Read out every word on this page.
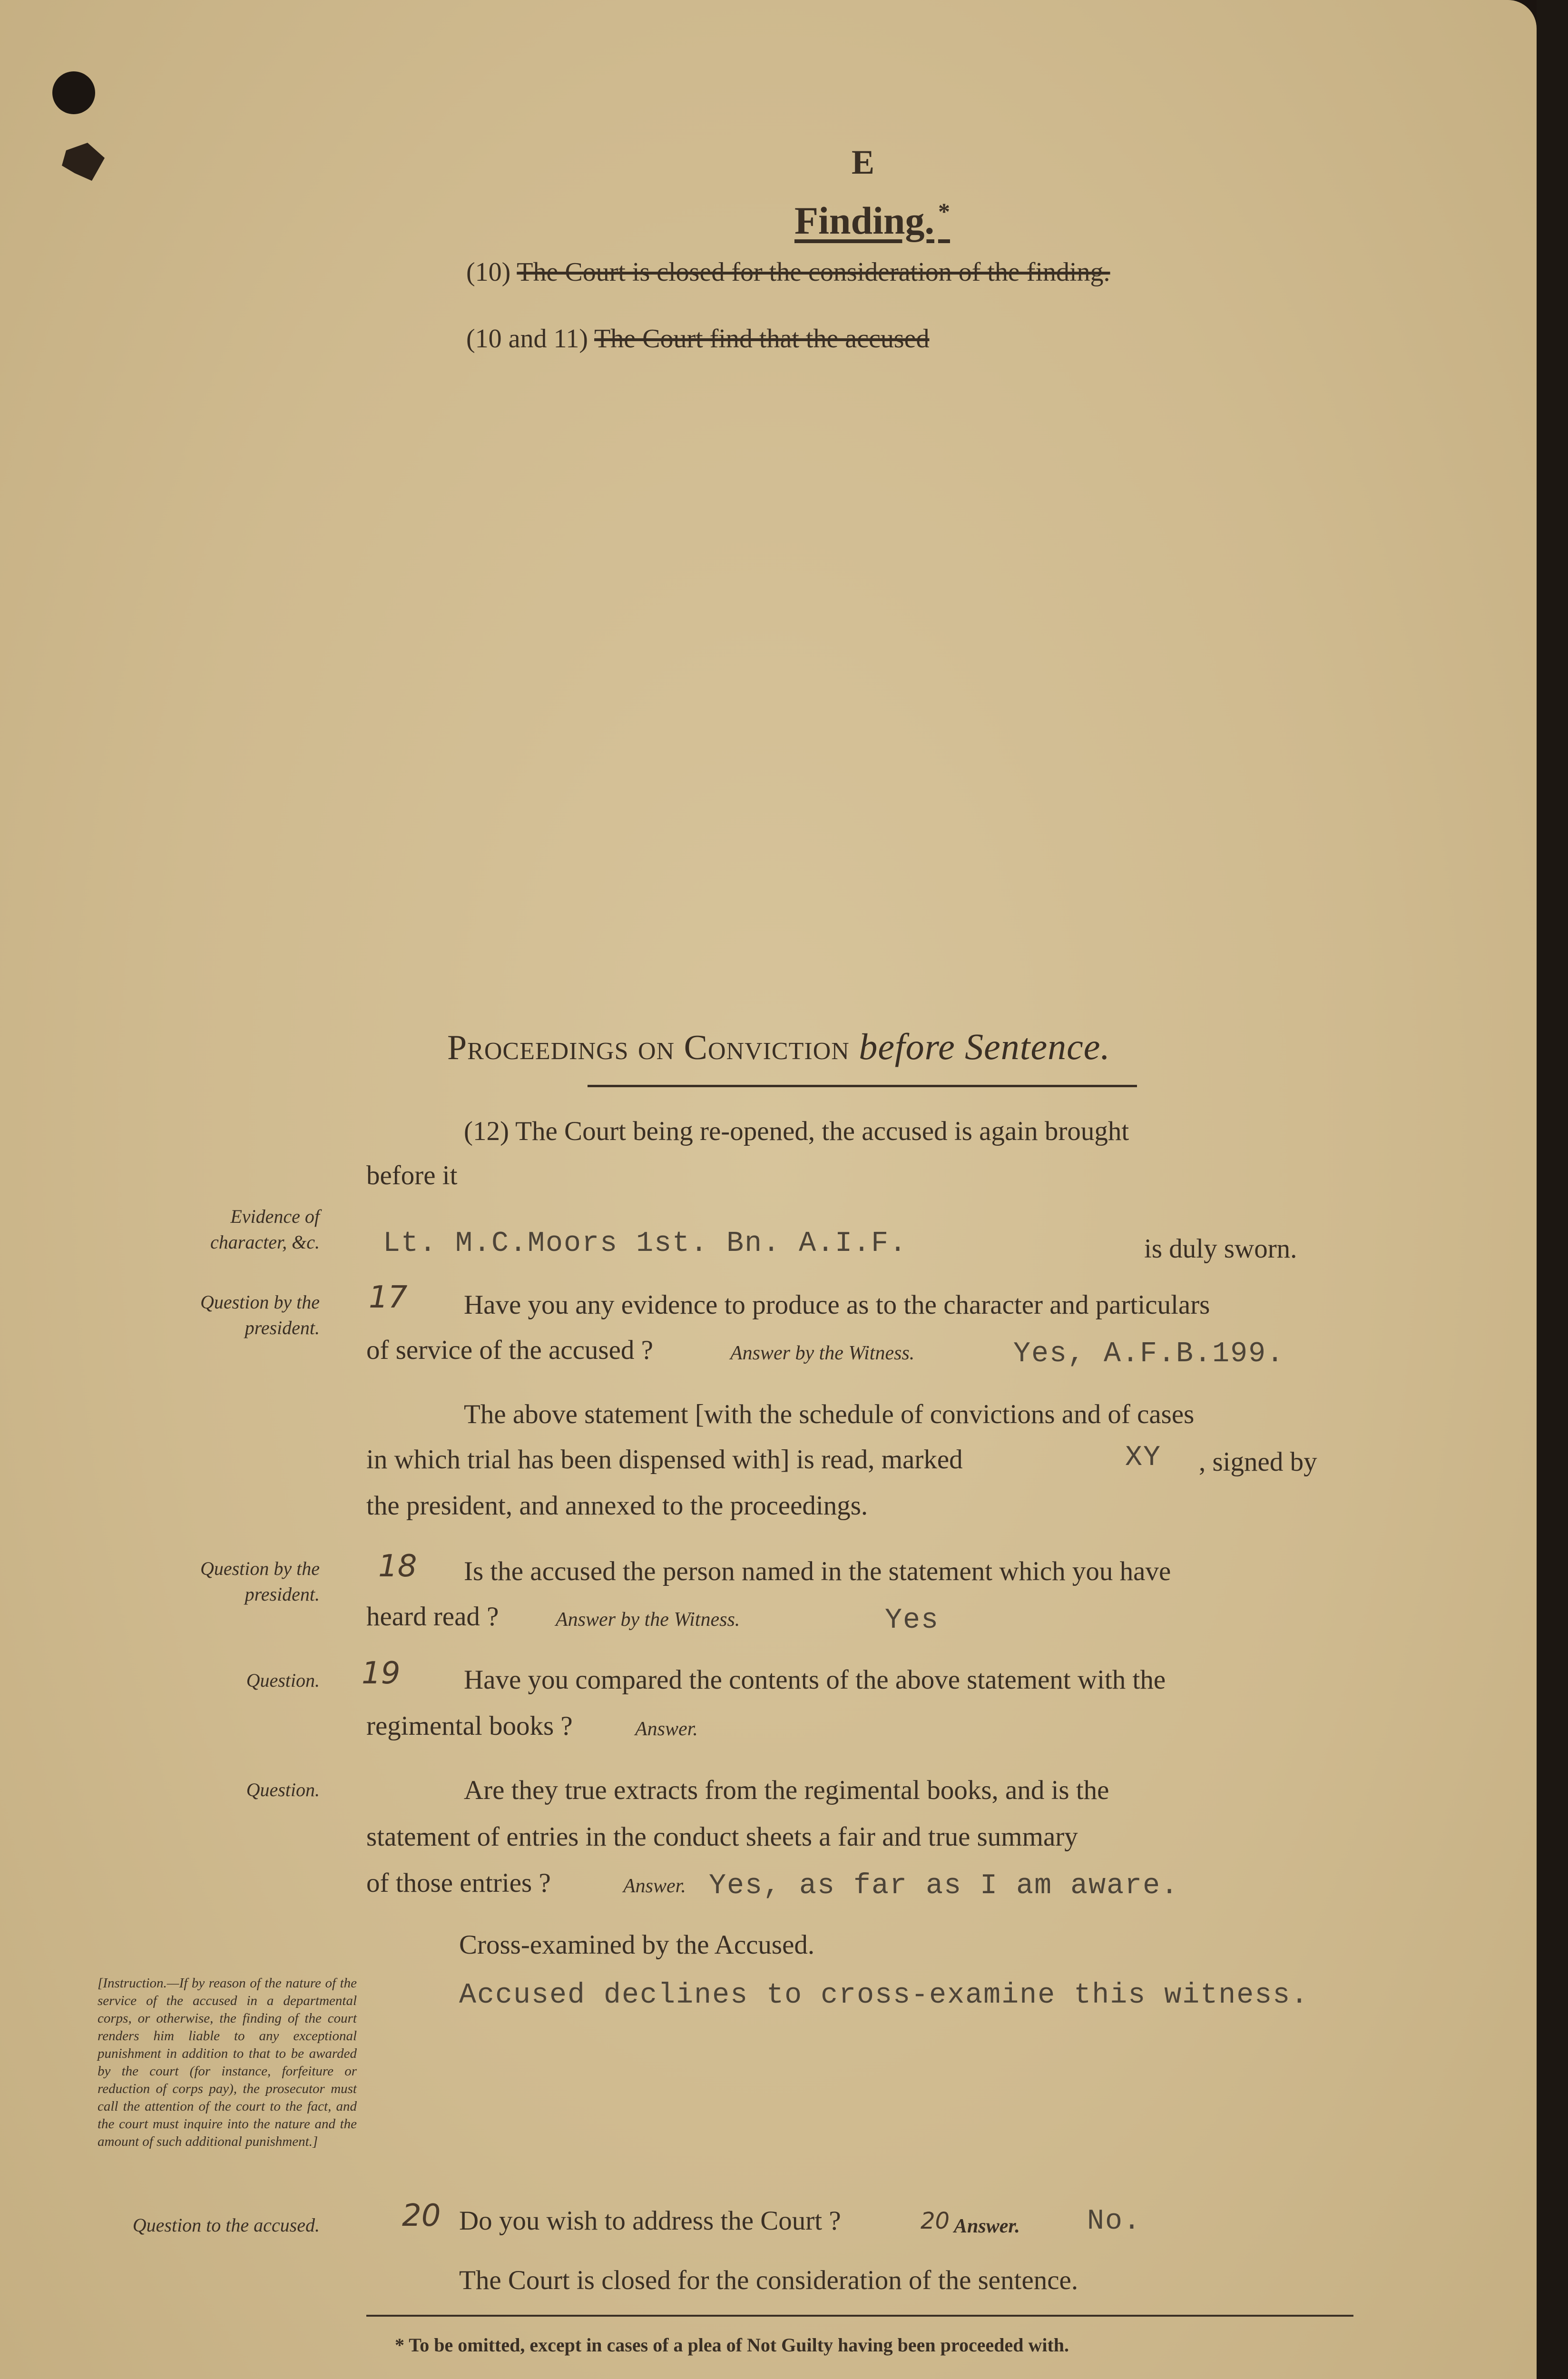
E
Finding. *
(10) The Court is closed for the consideration of the finding.
(10 and 11) The Court find that the accused
Proceedings on Conviction before Sentence.
(12) The Court being re-opened, the accused is again brought
before it
Evidence of
character, &c. Lt. M.C.Moors 1st. Bn. A.I.F.	is duly sworn.
Question by the
president.
17 Have you any evidence to produce as to the character and particulars
of service of the accused ?	Answer by the Witness.	Yes, A.F.B.199.
The above statement [with the schedule of convictions and of cases
in which trial has been dispensed with] is read, marked	XY , signed by
the president, and annexed to the proceedings.
Question by the
president.
18 Is the accused the person named in the statement which you have
heard read ?	Answer by the Witness.	Yes
Question. 19 Have you compared the contents of the above statement with the
regimental books ?	Answer.
Question.	Are they true extracts from the regimental books, and is the
statement of entries in the conduct sheets a fair and true summary
of those entries ?	Answer. Yes, as far as I am aware.
Cross-examined by the Accused.
Accused declines to cross-examine this witness.
[Instruction.—If by reason of the nature of the service of the accused in a departmental corps, or otherwise, the finding of the court renders him liable to any exceptional punishment in addition to that to be awarded by the court (for instance, forfeiture or reduction of corps pay), the prosecutor must call the attention of the court to the fact, and the court must inquire into the nature and the amount of such additional punishment.]
Question to the accused.	20 Do you wish to address the Court ?	20 Answer. No.
The Court is closed for the consideration of the sentence.
* To be omitted, except in cases of a plea of Not Guilty having been proceeded with.
